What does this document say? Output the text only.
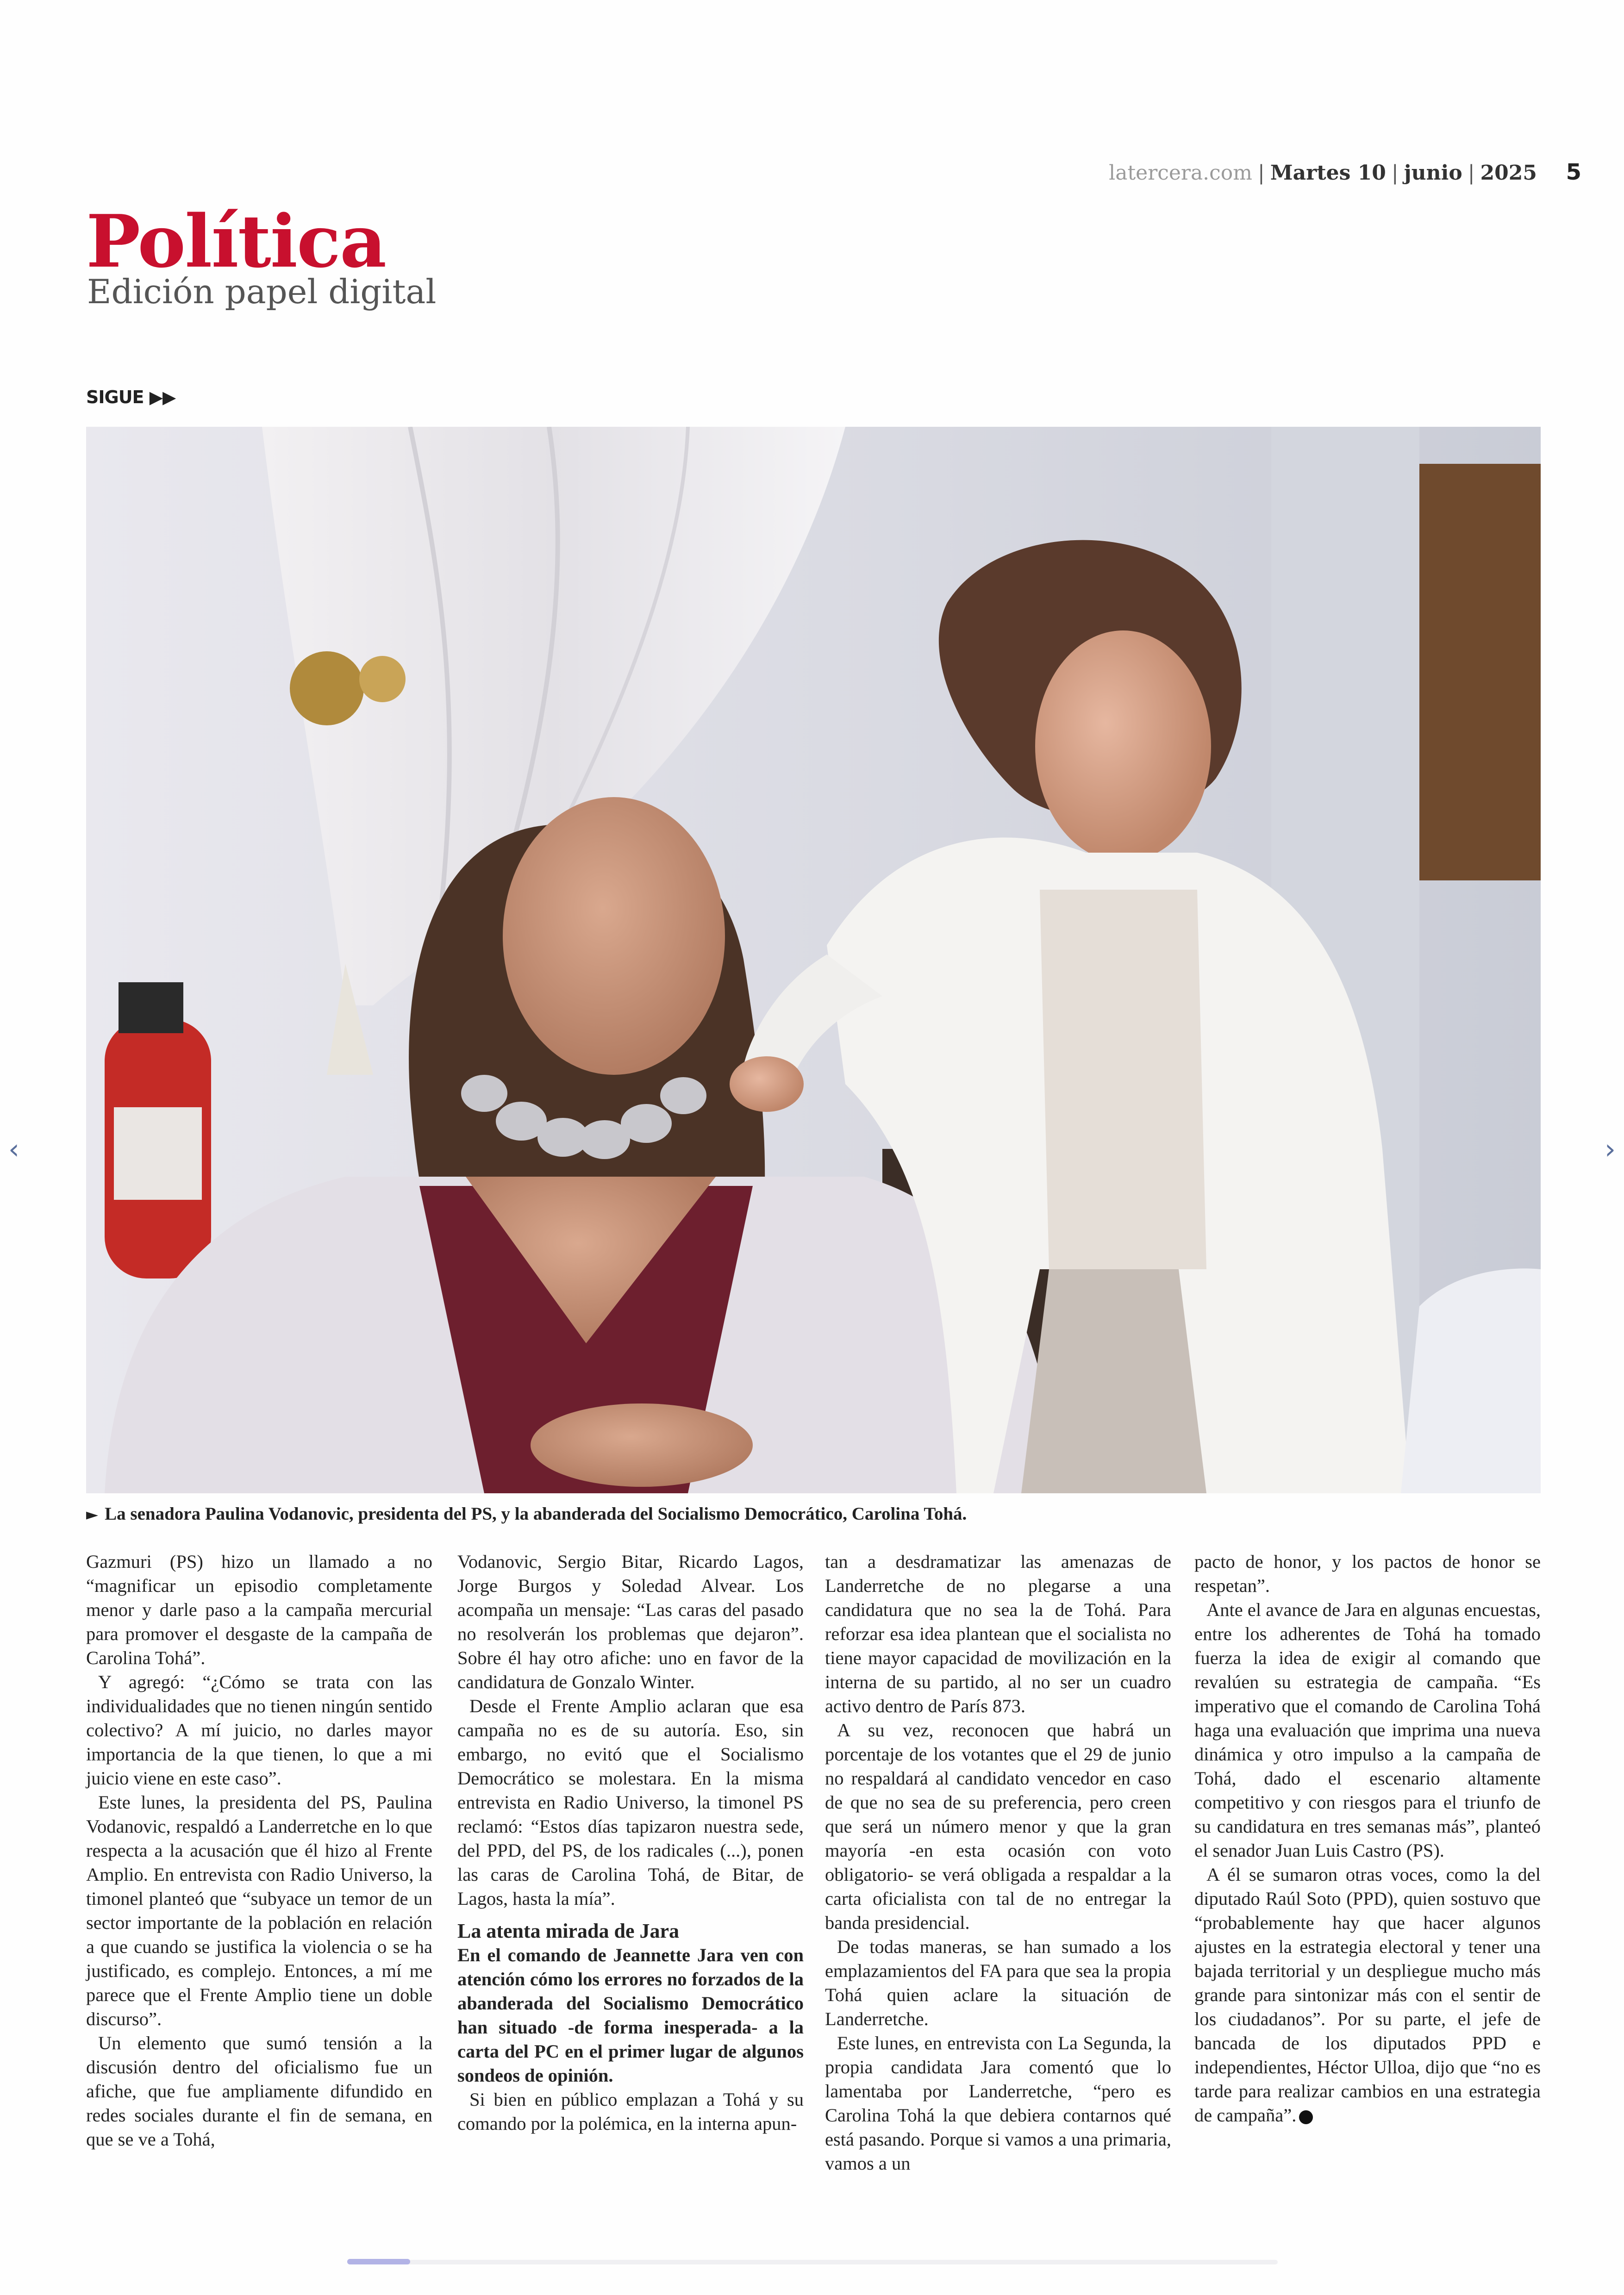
latercera.com | Martes 10 | junio | 2025 5
Política
Edición papel digital
SIGUE ▶▶
► La senadora Paulina Vodanovic, presidenta del PS, y la abanderada del Socialismo Democrático, Carolina Tohá.

Gazmuri (PS) hizo un llamado a no “magnificar un episodio completamente menor y darle paso a la campaña mercurial para promover el desgaste de la campaña de Carolina Tohá”.

Y agregó: “¿Cómo se trata con las individualidades que no tienen ningún sentido colectivo? A mí juicio, no darles mayor importancia de la que tienen, lo que a mi juicio viene en este caso”.

Este lunes, la presidenta del PS, Paulina Vodanovic, respaldó a Landerretche en lo que respecta a la acusación que él hizo al Frente Amplio. En entrevista con Radio Universo, la timonel planteó que “subyace un temor de un sector importante de la población en relación a que cuando se justifica la violencia o se ha justificado, es complejo. Entonces, a mí me parece que el Frente Amplio tiene un doble discurso”.

Un elemento que sumó tensión a la discusión dentro del oficialismo fue un afiche, que fue ampliamente difundido en redes sociales durante el fin de semana, en que se ve a Tohá,

Vodanovic, Sergio Bitar, Ricardo Lagos, Jorge Burgos y Soledad Alvear. Los acompaña un mensaje: “Las caras del pasado no resolverán los problemas que dejaron”. Sobre él hay otro afiche: uno en favor de la candidatura de Gonzalo Winter.

Desde el Frente Amplio aclaran que esa campaña no es de su autoría. Eso, sin embargo, no evitó que el Socialismo Democrático se molestara. En la misma entrevista en Radio Universo, la timonel PS reclamó: “Estos días tapizaron nuestra sede, del PPD, del PS, de los radicales (...), ponen las caras de Carolina Tohá, de Bitar, de Lagos, hasta la mía”.

La atenta mirada de Jara

En el comando de Jeannette Jara ven con atención cómo los errores no forzados de la abanderada del Socialismo Democrático han situado -de forma inesperada- a la carta del PC en el primer lugar de algunos sondeos de opinión.

Si bien en público emplazan a Tohá y su comando por la polémica, en la interna apun-

tan a desdramatizar las amenazas de Landerretche de no plegarse a una candidatura que no sea la de Tohá. Para reforzar esa idea plantean que el socialista no tiene mayor capacidad de movilización en la interna de su partido, al no ser un cuadro activo dentro de París 873.

A su vez, reconocen que habrá un porcentaje de los votantes que el 29 de junio no respaldará al candidato vencedor en caso de que no sea de su preferencia, pero creen que será un número menor y que la gran mayoría -en esta ocasión con voto obligatorio- se verá obligada a respaldar a la carta oficialista con tal de no entregar la banda presidencial.

De todas maneras, se han sumado a los emplazamientos del FA para que sea la propia Tohá quien aclare la situación de Landerretche.

Este lunes, en entrevista con La Segunda, la propia candidata Jara comentó que lo lamentaba por Landerretche, “pero es Carolina Tohá la que debiera contarnos qué está pasando. Porque si vamos a una primaria, vamos a un

pacto de honor, y los pactos de honor se respetan”.

Ante el avance de Jara en algunas encuestas, entre los adherentes de Tohá ha tomado fuerza la idea de exigir al comando que revalúen su estrategia de campaña. “Es imperativo que el comando de Carolina Tohá haga una evaluación que imprima una nueva dinámica y otro impulso a la campaña de Tohá, dado el escenario altamente competitivo y con riesgos para el triunfo de su candidatura en tres semanas más”, planteó el senador Juan Luis Castro (PS).

A él se sumaron otras voces, como la del diputado Raúl Soto (PPD), quien sostuvo que “probablemente hay que hacer algunos ajustes en la estrategia electoral y tener una bajada territorial y un despliegue mucho más grande para sintonizar más con el sentir de los ciudadanos”. Por su parte, el jefe de bancada de los diputados PPD e independientes, Héctor Ulloa, dijo que “no es tarde para realizar cambios en una estrategia de campaña”.

‹	›
